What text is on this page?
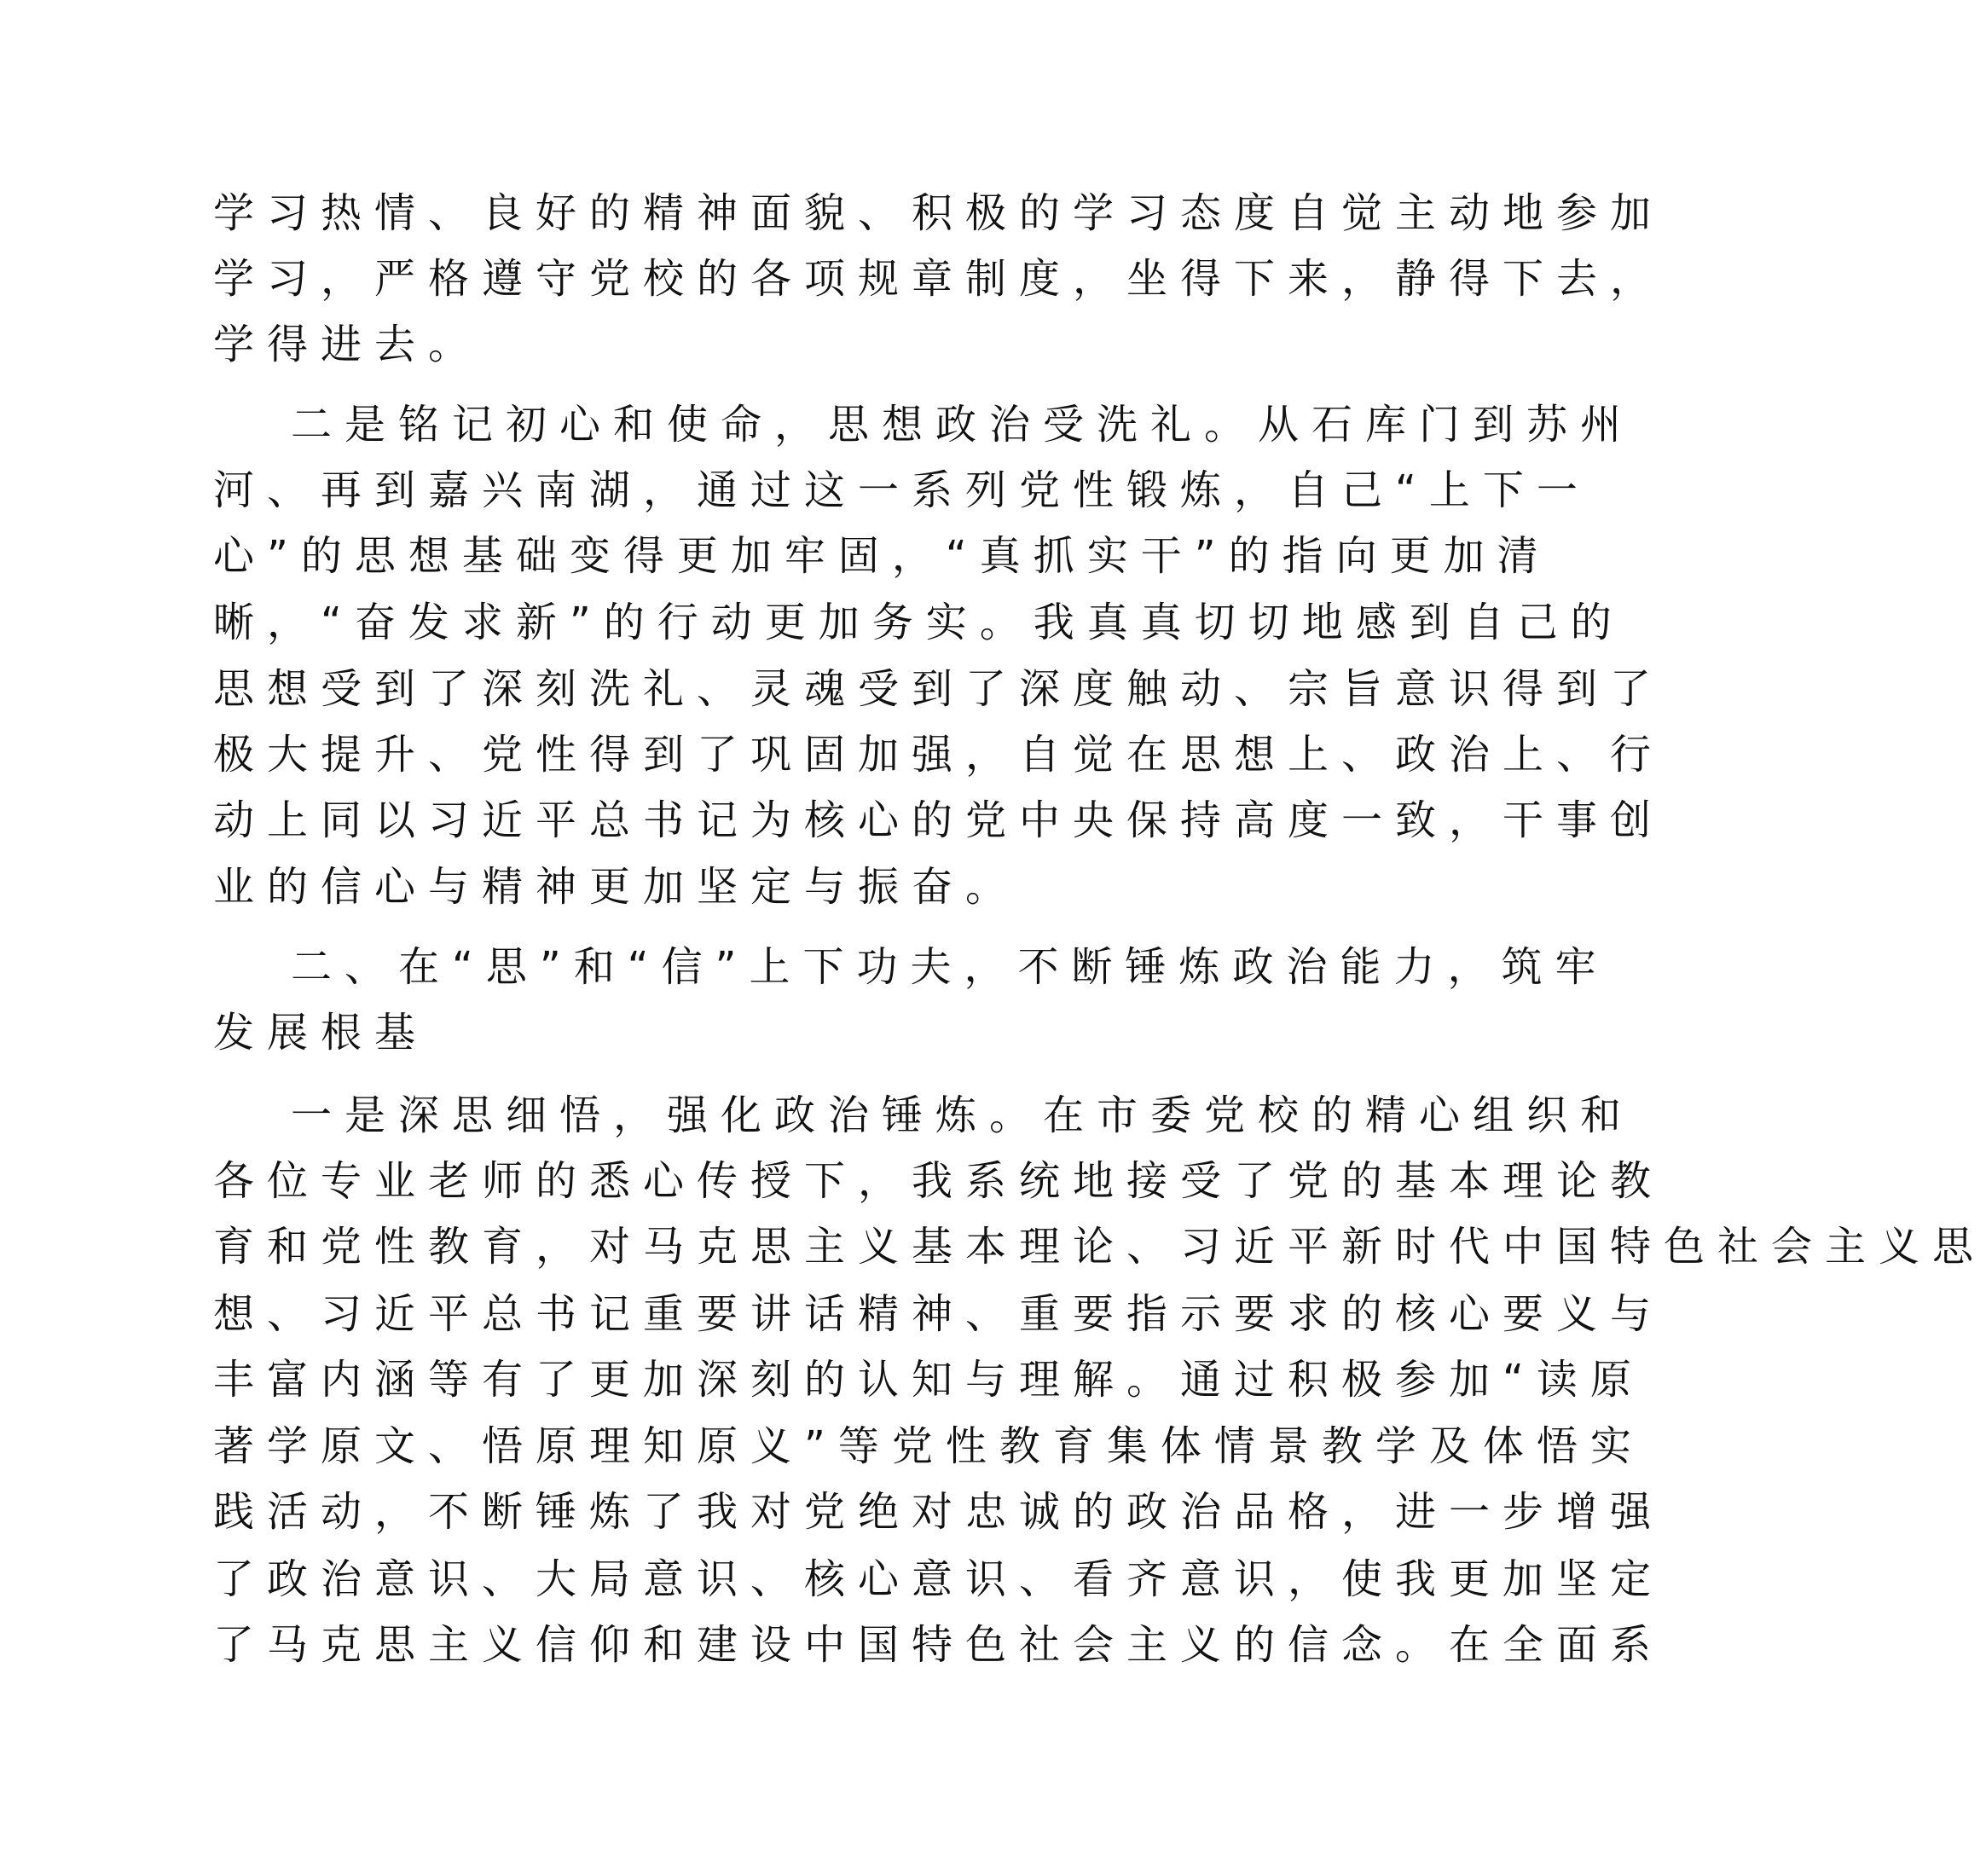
学习热情、良好的精神面貌、积极的学习态度自觉主动地参加
学习，严格遵守党校的各项规章制度，坐得下来，静得下去，
学得进去。
二是铭记初心和使命，思想政治受洗礼。从石库门到苏州
河、再到嘉兴南湖，通过这一系列党性锻炼，自己“上下一
心”的思想基础变得更加牢固，“真抓实干”的指向更加清
晰，“奋发求新”的行动更加务实。我真真切切地感到自己的
思想受到了深刻洗礼、灵魂受到了深度触动、宗旨意识得到了
极大提升、党性得到了巩固加强，自觉在思想上、政治上、行
动上同以习近平总书记为核心的党中央保持高度一致，干事创
业的信心与精神更加坚定与振奋。
二、在“思”和“信”上下功夫，不断锤炼政治能力，筑牢
发展根基
一是深思细悟，强化政治锤炼。在市委党校的精心组织和
各位专业老师的悉心传授下，我系统地接受了党的基本理论教
育和党性教育，对马克思主义基本理论、习近平新时代中国特色社会主义思
想、习近平总书记重要讲话精神、重要指示要求的核心要义与
丰富内涵等有了更加深刻的认知与理解。通过积极参加“读原
著学原文、悟原理知原义”等党性教育集体情景教学及体悟实
践活动，不断锤炼了我对党绝对忠诚的政治品格，进一步增强
了政治意识、大局意识、核心意识、看齐意识，使我更加坚定
了马克思主义信仰和建设中国特色社会主义的信念。在全面系
